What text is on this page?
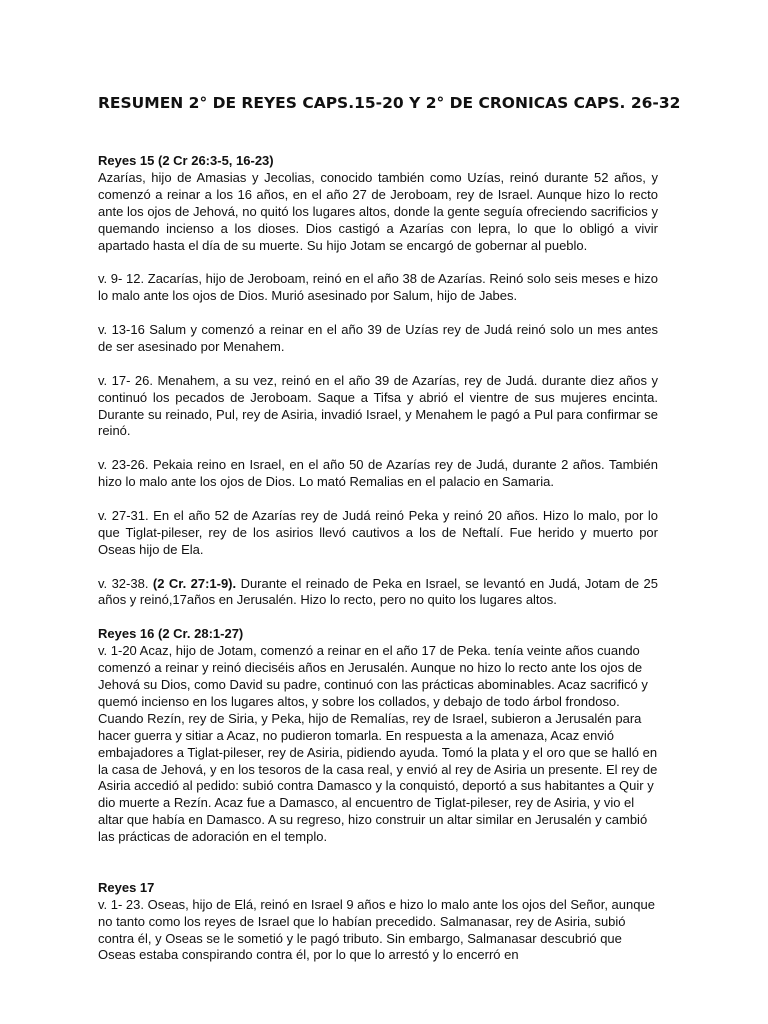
RESUMEN 2° DE REYES CAPS.15-20 Y 2° DE CRONICAS CAPS. 26-32
Reyes 15 (2 Cr 26:3-5, 16-23)

Azarías, hijo de Amasias y Jecolias, conocido también como Uzías, reinó durante 52 años, y comenzó a reinar a los 16 años, en el año 27 de Jeroboam, rey de Israel. Aunque hizo lo recto ante los ojos de Jehová, no quitó los lugares altos, donde la gente seguía ofreciendo sacrificios y quemando incienso a los dioses. Dios castigó a Azarías con lepra, lo que lo obligó a vivir apartado hasta el día de su muerte. Su hijo Jotam se encargó de gobernar al pueblo.

v. 9- 12. Zacarías, hijo de Jeroboam, reinó en el año 38 de Azarías. Reinó solo seis meses e hizo lo malo ante los ojos de Dios. Murió asesinado por Salum, hijo de Jabes.

v. 13-16 Salum y comenzó a reinar en el año 39 de Uzías rey de Judá reinó solo un mes antes de ser asesinado por Menahem.

v. 17- 26. Menahem, a su vez, reinó en el año 39 de Azarías, rey de Judá. durante diez años y continuó los pecados de Jeroboam. Saque a Tifsa y abrió el vientre de sus mujeres encinta. Durante su reinado, Pul, rey de Asiria, invadió Israel, y Menahem le pagó a Pul para confirmar se reinó.

v. 23-26. Pekaia reino en Israel, en el año 50 de Azarías rey de Judá, durante 2 años. También hizo lo malo ante los ojos de Dios. Lo mató Remalias en el palacio en Samaria.

v. 27-31. En el año 52 de Azarías rey de Judá reinó Peka y reinó 20 años. Hizo lo malo, por lo que Tiglat-pileser, rey de los asirios llevó cautivos a los de Neftalí. Fue herido y muerto por Oseas hijo de Ela.

v. 32-38. (2 Cr. 27:1-9). Durante el reinado de Peka en Israel, se levantó en Judá, Jotam de 25 años y reinó,17años en Jerusalén. Hizo lo recto, pero no quito los lugares altos.

Reyes 16 (2 Cr. 28:1-27)

v. 1-20 Acaz, hijo de Jotam, comenzó a reinar en el año 17 de Peka. tenía veinte años cuando comenzó a reinar y reinó dieciséis años en Jerusalén. Aunque no hizo lo recto ante los ojos de Jehová su Dios, como David su padre, continuó con las prácticas abominables. Acaz sacrificó y quemó incienso en los lugares altos, y sobre los collados, y debajo de todo árbol frondoso. Cuando Rezín, rey de Siria, y Peka, hijo de Remalías, rey de Israel, subieron a Jerusalén para hacer guerra y sitiar a Acaz, no pudieron tomarla. En respuesta a la amenaza, Acaz envió embajadores a Tiglat-pileser, rey de Asiria, pidiendo ayuda. Tomó la plata y el oro que se halló en la casa de Jehová, y en los tesoros de la casa real, y envió al rey de Asiria un presente. El rey de Asiria accedió al pedido: subió contra Damasco y la conquistó, deportó a sus habitantes a Quir y dio muerte a Rezín. Acaz fue a Damasco, al encuentro de Tiglat-pileser, rey de Asiria, y vio el altar que había en Damasco. A su regreso, hizo construir un altar similar en Jerusalén y cambió las prácticas de adoración en el templo.

Reyes 17

v. 1- 23. Oseas, hijo de Elá, reinó en Israel 9 años e hizo lo malo ante los ojos del Señor, aunque no tanto como los reyes de Israel que lo habían precedido. Salmanasar, rey de Asiria, subió contra él, y Oseas se le sometió y le pagó tributo. Sin embargo, Salmanasar descubrió que Oseas estaba conspirando contra él, por lo que lo arrestó y lo encerró en
